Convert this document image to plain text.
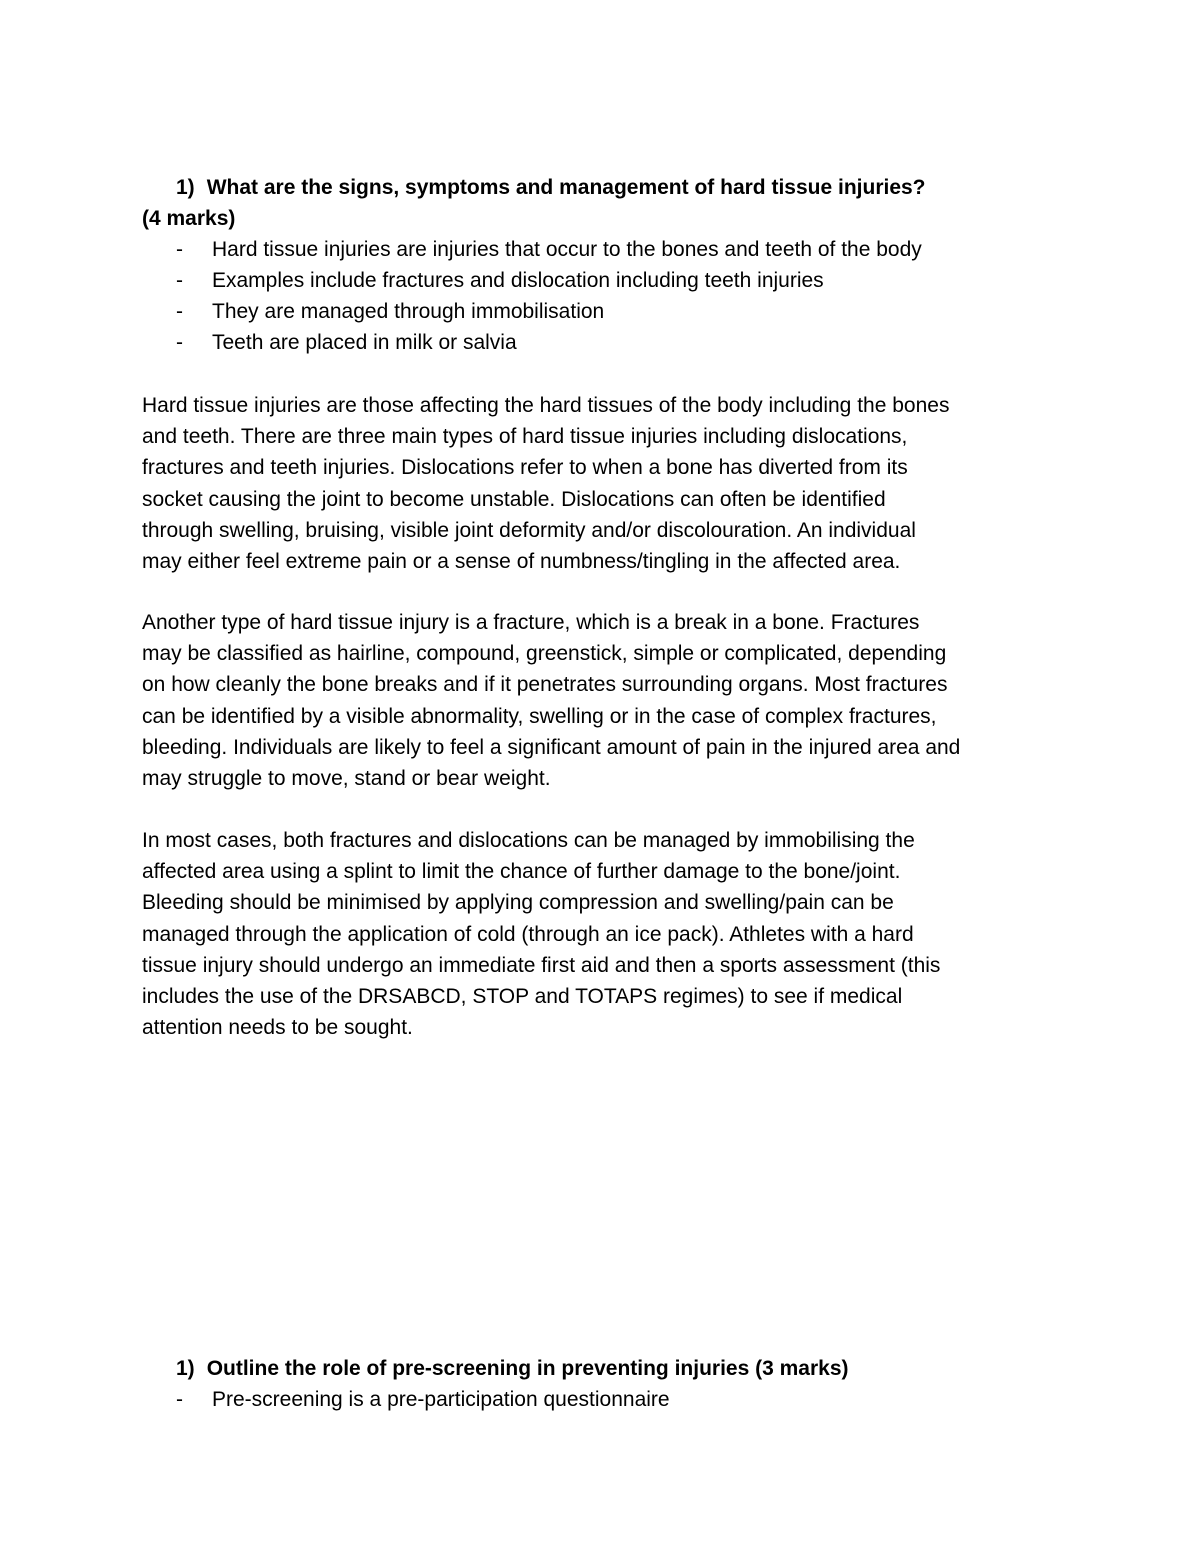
1) What are the signs, symptoms and management of hard tissue injuries?
(4 marks)
- Hard tissue injuries are injuries that occur to the bones and teeth of the body
- Examples include fractures and dislocation including teeth injuries
- They are managed through immobilisation
- Teeth are placed in milk or salvia
Hard tissue injuries are those affecting the hard tissues of the body including the bones
and teeth. There are three main types of hard tissue injuries including dislocations,
fractures and teeth injuries. Dislocations refer to when a bone has diverted from its
socket causing the joint to become unstable. Dislocations can often be identified
through swelling, bruising, visible joint deformity and/or discolouration. An individual
may either feel extreme pain or a sense of numbness/tingling in the affected area.
Another type of hard tissue injury is a fracture, which is a break in a bone. Fractures
may be classified as hairline, compound, greenstick, simple or complicated, depending
on how cleanly the bone breaks and if it penetrates surrounding organs. Most fractures
can be identified by a visible abnormality, swelling or in the case of complex fractures,
bleeding. Individuals are likely to feel a significant amount of pain in the injured area and
may struggle to move, stand or bear weight.
In most cases, both fractures and dislocations can be managed by immobilising the
affected area using a splint to limit the chance of further damage to the bone/joint.
Bleeding should be minimised by applying compression and swelling/pain can be
managed through the application of cold (through an ice pack). Athletes with a hard
tissue injury should undergo an immediate first aid and then a sports assessment (this
includes the use of the DRSABCD, STOP and TOTAPS regimes) to see if medical
attention needs to be sought.
1) Outline the role of pre-screening in preventing injuries (3 marks)
- Pre-screening is a pre-participation questionnaire
